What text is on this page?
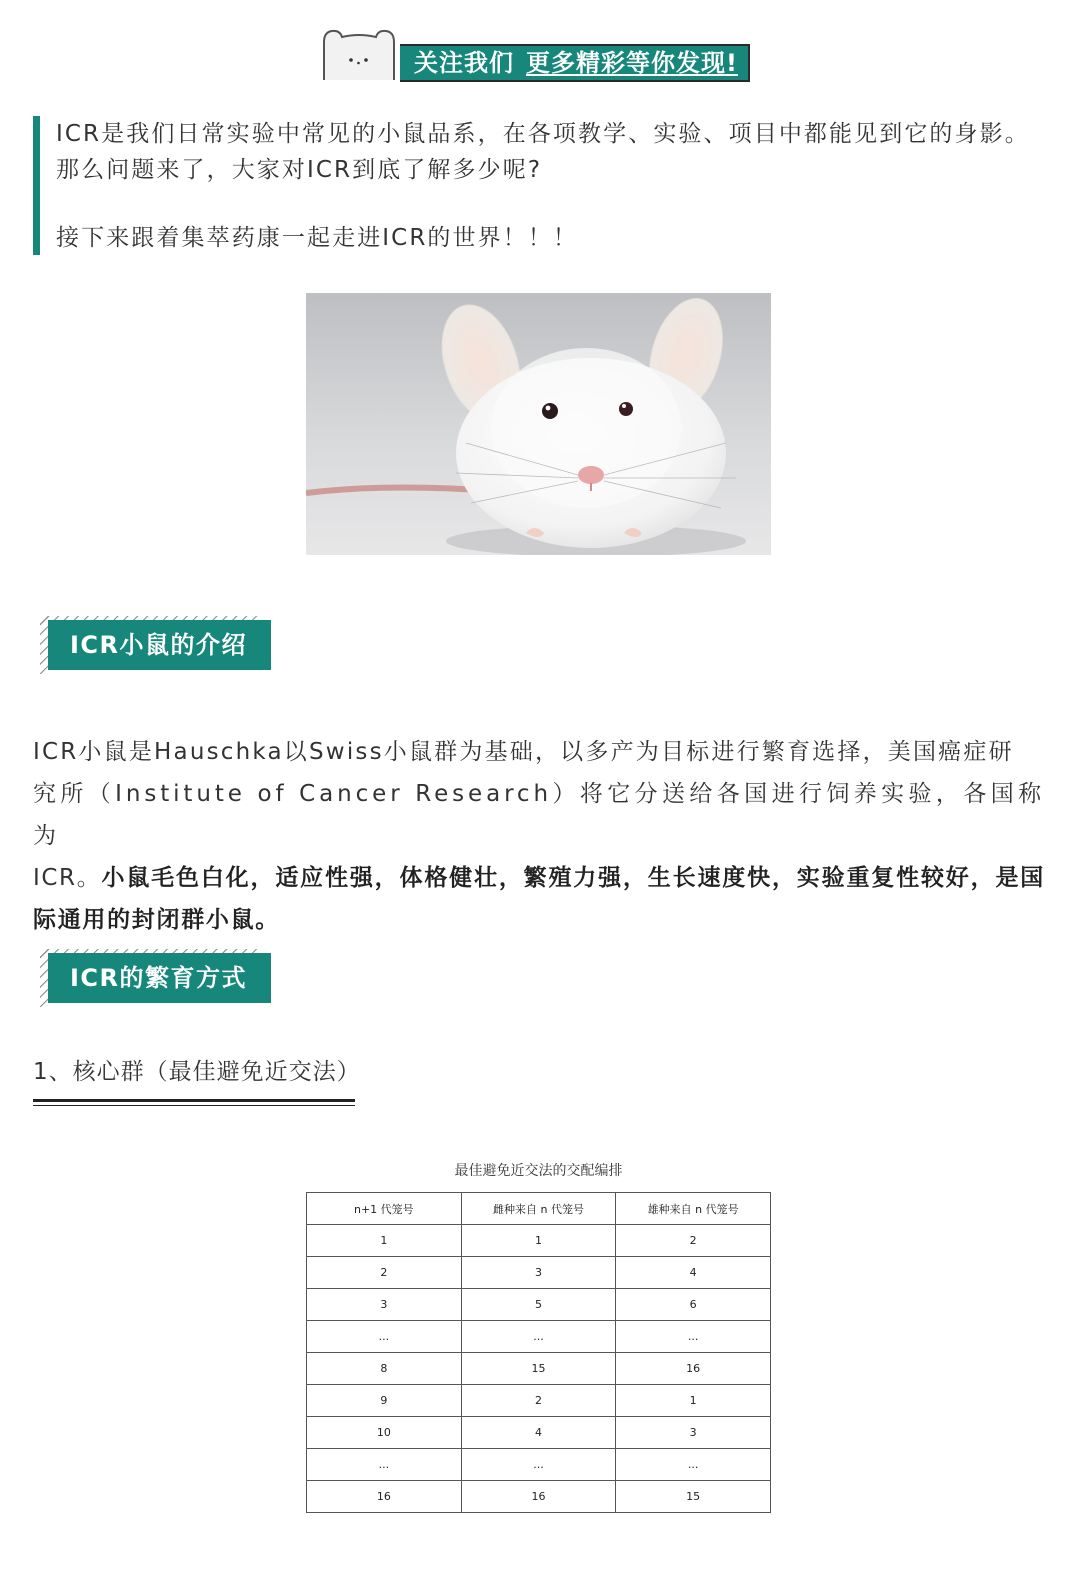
关注我们 更多精彩等你发现!

ICR是我们日常实验中常见的小鼠品系，在各项教学、实验、项目中都能见到它的身影。那么问题来了，大家对ICR到底了解多少呢?

接下来跟着集萃药康一起走进ICR的世界！！！

ICR小鼠的介绍

ICR小鼠是Hauschka以Swiss小鼠群为基础，以多产为目标进行繁育选择，美国癌症研
究所（Institute of Cancer Research）将它分送给各国进行饲养实验，各国称为
ICR。小鼠毛色白化，适应性强，体格健壮，繁殖力强，生长速度快，实验重复性较好，是国际通用的封闭群小鼠。

ICR的繁育方式
1、核心群（最佳避免近交法）
最佳避免近交法的交配编排
n+1 代笼号	雌种来自 n 代笼号	雄种来自 n 代笼号
1	1	2
2	3	4
3	5	6
...	...	...
8	15	16
9	2	1
10	4	3
...	...	...
16	16	15
